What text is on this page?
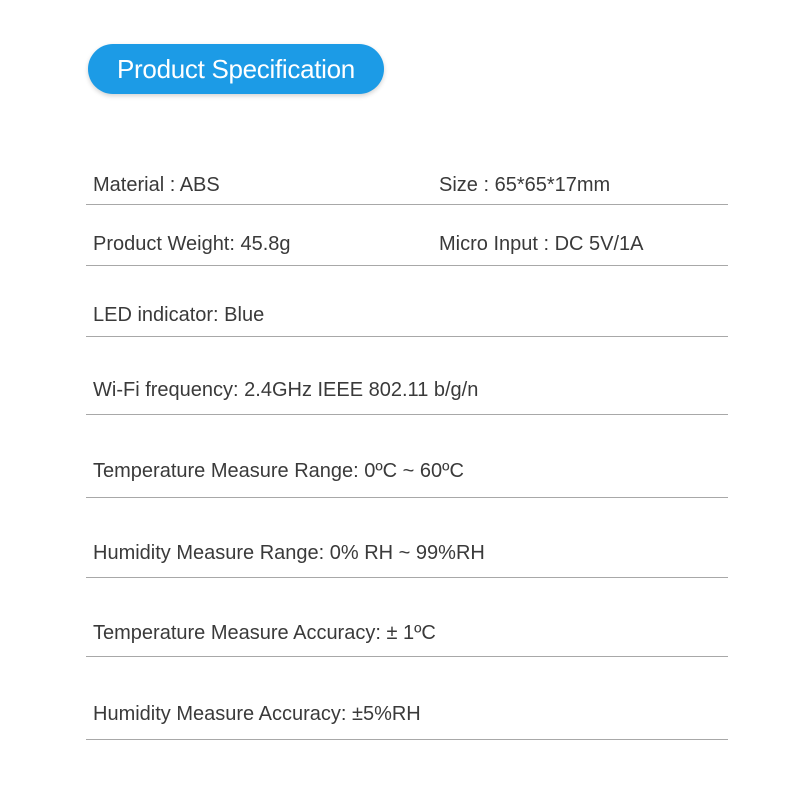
Product Specification
Material : ABS	Size : 65*65*17mm
Product Weight: 45.8g	Micro Input : DC 5V/1A
LED indicator: Blue
Wi-Fi frequency: 2.4GHz IEEE 802.11 b/g/n
Temperature Measure Range: 0ºC ~ 60ºC
Humidity Measure Range: 0% RH ~ 99%RH
Temperature Measure Accuracy: ± 1ºC
Humidity Measure Accuracy: ±5%RH
